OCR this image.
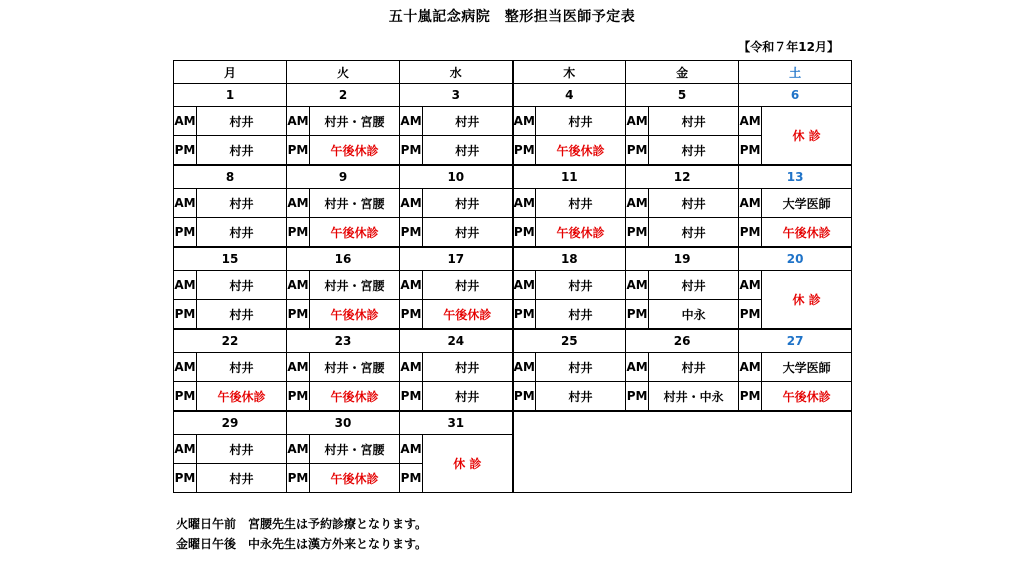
五十嵐記念病院　整形担当医師予定表
【令和７年12月】
月		火		水		木		金		土	
1		2		3		4		5		6	
AM	村井	AM	村井・宮腰	AM	村井	AM	村井	AM	村井	AM	休 診
PM	村井	PM	午後休診	PM	村井	PM	午後休診	PM	村井	PM	
8		9		10		11		12		13	
AM	村井	AM	村井・宮腰	AM	村井	AM	村井	AM	村井	AM	大学医師
PM	村井	PM	午後休診	PM	村井	PM	午後休診	PM	村井	PM	午後休診
15		16		17		18		19		20	
AM	村井	AM	村井・宮腰	AM	村井	AM	村井	AM	村井	AM	休 診
PM	村井	PM	午後休診	PM	午後休診	PM	村井	PM	中永	PM	
22		23		24		25		26		27	
AM	村井	AM	村井・宮腰	AM	村井	AM	村井	AM	村井	AM	大学医師
PM	午後休診	PM	午後休診	PM	村井	PM	村井	PM	村井・中永	PM	午後休診
29		30		31							
AM	村井	AM	村井・宮腰	AM	休 診						
PM	村井	PM	午後休診	PM							
火曜日午前　宮腰先生は予約診療となります。
金曜日午後　中永先生は漢方外来となります。
